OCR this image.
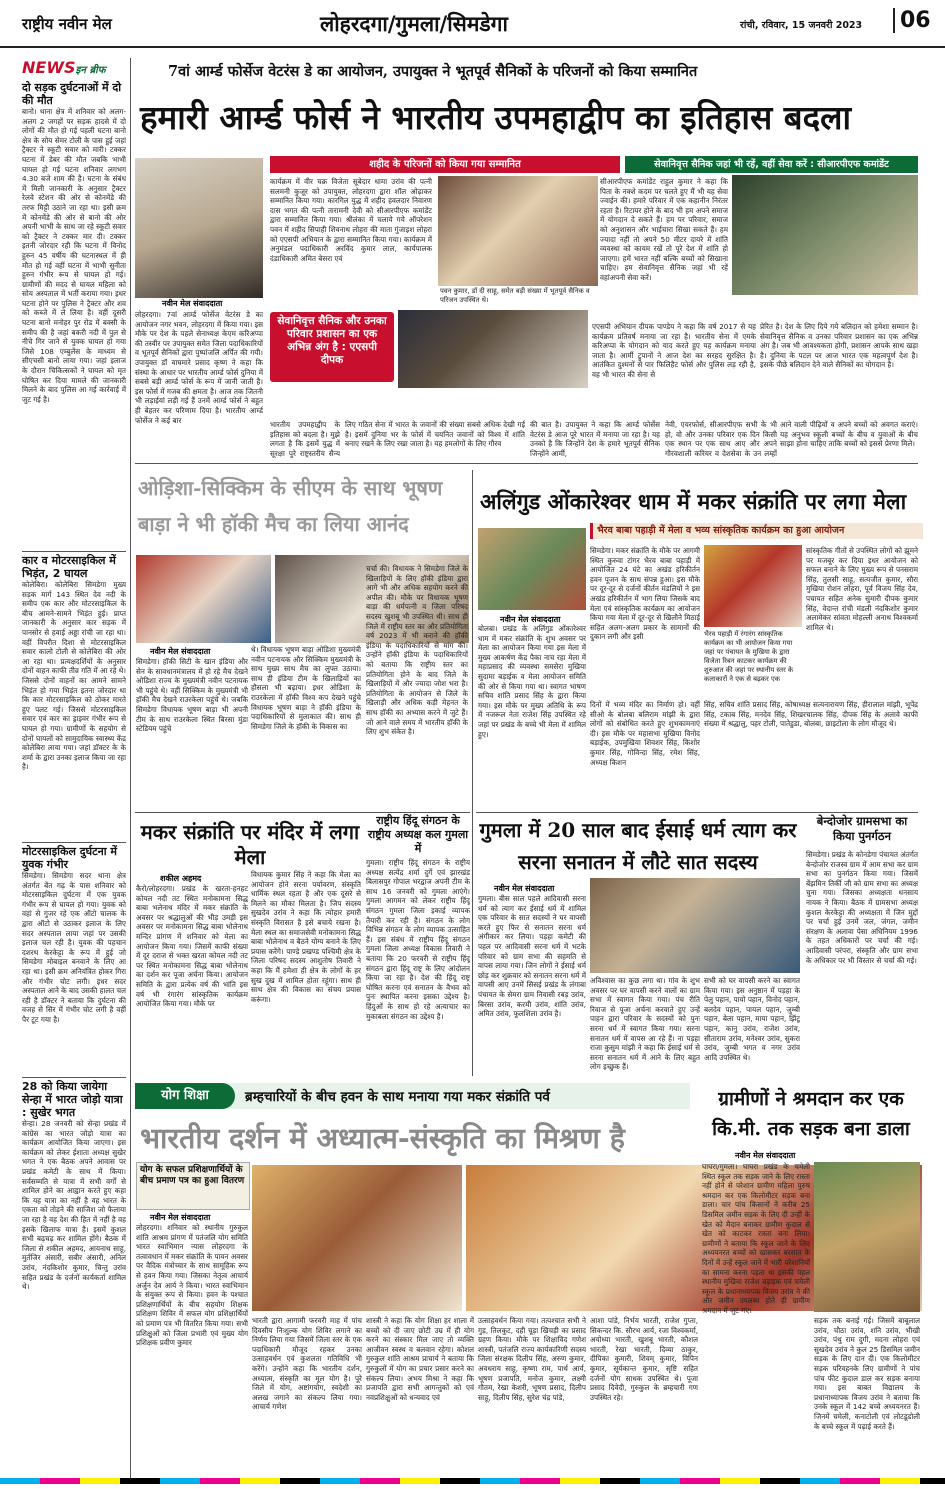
राष्ट्रीय नवीन मेल	लोहरदगा/गुमला/सिमडेगा	रांची, रविवार, 15 जनवरी 2023	06
NEWSइन ब्रीफ
दो सड़क दुर्घटनाओं में दो की मौत
बानो। थाना क्षेत्र में शनिवार को अलग-अलग 2 जगहों पर सड़क हादसे में दो लोगों की मौत हो गई पहली घटना बानो क्षेत्र के सोय सेमर टोली के पास हुई जहां ट्रैक्टर ने स्कूटी सवार को मारी। टक्कर घटना में डेबर की मौत जबकि भाभी घायल हो गई घटना शनिवार लगभग 4.30 बजे शाम की है। घटना के संबंध में मिली जानकारी के अनुसार ट्रैक्टर रेलवे स्टेशन की ओर से कोनमेंडे की तरफ मिट्टी उठाने जा रहा था। इसी क्रम में कोनमेंडे की ओर से बानो की ओर अपनी भाभी के साथ जा रहे स्कूटी सवार को ट्रैक्टर ने टक्कर मार दी। टक्कर इतनी जोरदार रही कि घटना में विनोद हुरुन 45 वर्षीय की घटनास्थल में ही मौत हो गई वहीं घटना में भाभी सुनीता हुरुन गंभीर रूप से घायल हो गई। ग्रामीणों की मदद से घायल महिला को सोय अस्पताल में भर्ती कराया गया। इधर घटना होने पर पुलिस ने ट्रैक्टर और शव को कब्जे में ले लिया है। वहीं दूसरी घटना बानो मनोहर पुर रोड में बक्सी के समीप की है जहां बकरी नदी में पुल से नीचे गिर जाने से युवक घायल हो गया जिसे 108 एम्बुलेंस के माध्यम से सीएचसी बानो लाया गया। जहां इलाज के दौरान चिकित्सकों ने घायल को मृत घोषित कर दिया मामले की जानकारी मिलने के बाद पुलिस आ गई कार्रवाई में जुट गई है।
कार व मोटरसाइकिल में भिड़ंत, 2 घायल
कोलेबिरा। कोलेबिरा सिमडेगा मुख्य सड़क मार्ग 143 स्थित देव नदी के समीप एक कार और मोटरसाइकिल के बीच आमने-सामने भिड़ंत हुई। प्राप्त जानकारी के अनुसार कार सड़क में पानसोर से हवाई अड्डा रांची जा रहा था। वहीं विपरीत दिशा से मोटरसाइकिल सवार कालो टोली से कोलेबिरा की ओर आ रहा था। प्रत्यक्षदर्शियों के अनुसार दोनों वाहन काफी तीव्र गति में आ रहे थे। जिससे दोनों वाहनों का आमने सामने भिड़ंत हो गया भिड़ंत इतना जोरदार था कि कार मोटरसाइकिल को ठोकर मारते हुए पलट गई। जिससे मोटरसाइकिल सवार एवं कार का ड्राइवर गंभीर रूप से घायल हो गया। ग्रामीणों के सहयोग से दोनों घायलों को सामुदायिक स्वास्थ्य केंद्र कोलेबिरा लाया गया। जहां डॉक्टर के के शर्मा के द्वारा उनका इलाज किया जा रहा है।
मोटरसाइकिल दुर्घटना में युवक गंभीर
सिमडेगा। सिमडेगा सदर थाना क्षेत्र अंतर्गत बेंत गढ़ के पास शनिवार को मोटरसाइकिल दुर्घटना में एक युवक गंभीर रूप से घायल हो गया। युवक को वहां से गुजर रहे एक ऑटो चालक के द्वारा ऑटो से उठाकर इलाज के लिए सदर अस्पताल लाया जहां पर उसकी इलाज चल रही है। युवक की पहचान दशरथ केरकेट्टा के रूप में हुई जो सिमडेगा मोबाइल बनवाने के लिए आ रहा था। इसी क्रम अनियंत्रित होकर गिरा और गंभीर चोट लगी। इधर सदर अस्पताल आने के बाद उसकी हालत चल रही है डॉक्टर ने बताया कि दुर्घटना की वजह से सिर में गंभीर चोट लगी है वहीं पैर टूट गया है।
28 को किया जायेगा सेन्हा में भारत जोड़ो यात्रा : सुखेर भगत
सेन्हा। 28 जनवरी को सेन्हा प्रखंड में कांग्रेस का भारत जोड़ो यात्रा का कार्यक्रम आयोजित किया जाएगा। इस कार्यक्रम को लेकर ईशाता अध्यक्ष सुखेर भगत ने एक बैठक अपने आवास पर प्रखंड कमेटी के साथ में किया। सर्वसम्मति से यात्रा में सभी वर्गों से शामिल होने का आह्वान करते हुए कहा कि यह यात्रा का नहीं है वह भारत के एकता को तोड़ने की साजिश जो फैलाया जा रहा है वह देश की हित में नहीं है वह इसके खिलाफ यात्रा है। इसमें कुशल सभी बढ़चढ़ कर शामिल होंगे। बैठक में जिला से शकील अहमद, आयनाथ साहू, मुर्तजिर अंसारी, सबीर अंसारी, अनिल उरांव, नंदकिशोर कुमार, चिन्तु उरांव सहित प्रखंड के दर्जनों कार्यकर्ता शामिल थे।
7वां आर्म्ड फोर्सेज वेटरंस डे का आयोजन, उपायुक्त ने भूतपूर्व सैनिकों के परिजनों को किया सम्मानित
हमारी आर्म्ड फोर्स ने भारतीय उपमहाद्वीप का इतिहास बदला
शहीद के परिजनों को किया गया सम्मानित	सेवानिवृत्त सैनिक जहां भी रहें, वहीं सेवा करें : सीआरपीएफ कमांडेंट
कार्यक्रम में वीर चक्र विजेता सूबेदार धामा उरांव की पत्नी सलमनी कुजूर को उपायुक्त, लोहरदगा द्वारा शॉल ओढ़ाकर सम्मानित किया गया। कारगिल युद्ध में शहीद हवलदार निवारण दास भगत की पत्नी तारामनी देवी को सीआरपीएफ कमांडेंट द्वारा सम्मानित किया गया। श्रीलंका में चलाये गये ऑपरेशन पवन में शहीद सिपाही शिवनाथ लोहरा की माता गुंजाइश लोहरा को एएसपी अभियान के द्वारा सम्मानित किया गया। कार्यक्रम में अनुमंडल पदाधिकारी अरविंद कुमार लाल, कार्यपालक दंडाधिकारी अमित बेसरा एवं
पवन कुमार, डॉ दी साहू, समेत बड़ी संख्या में भूतपूर्व सैनिक व परिजन उपस्थित थे।
सीआरपीएफ कमांडेंट राहुल कुमार ने कहा कि पिता के नक्शे कदम पर चलते हुए मैं भी यह सेवा ज्वाईन की। हमारे परिवार में एक कहानीन निरंतर रहता है। रिटायर होने के बाद भी हम अपने समाज में योगदान दे सकते हैं। हम पर परिवार, समाज को अनुशासन और भाईचारा सिखा सकते हैं। हम ज्यादा नहीं तो अपने 50 मीटर दायरे में शांति व्यवस्था को कायम रखें तो पूरे देश में शांति हो जाएगा। हमें भारत नहीं बल्कि बच्चों को सिखाना चाहिए। हम सेवानिवृत्त सैनिक जहां भी रहें वहांअपनी सेवा करें।
नवीन मेल संवाददाता
लोहरदगा। 7वां आर्म्ड फोर्सेज वेटरंस डे का आयोजन नगर भवन, लोहरदगा में किया गया। इस मौके पर देश के पहले सेनाध्यक्ष केएम करिअप्पा की तस्वीर पर उपायुक्त समेत जिला पदाधिकारियों व भूतपूर्व सैनिकों द्वारा पुष्पांजलि अर्पित की गयी। उपायुक्त डॉ वाघमारे प्रसाद कृष्ण ने कहा कि संस्था के आधार पर भारतीय आर्म्ड फोर्स दुनिया में सबसे बड़ी आर्म्ड फोर्स के रूप में जानी जाती है। इस फोर्स में गजब की क्षमता है। आज तक जितनी भी लड़ाईयां लड़ी गई हैं उनमें आर्म्ड फोर्स ने बहुत ही बेहतर कर परिणाम दिया है। भारतीय आर्म्ड फोर्सेज ने कई बार
सेवानिवृत्त सैनिक और उनका परिवार प्रशासन का एक अभिन्न अंग है : एएसपी दीपक
एएसपी अभियान दीपक पाण्डेय ने कहा कि वर्ष 2017 से यह कार्यक्रम प्रतिवर्ष मनाया जा रहा है। भारतीय सेना में एमके करिअप्पा के योगदान को याद करते हुए यह कार्यक्रम मनाया जाता है। आर्मी ट्रुपानों ने आज देश का सरहद सुरक्षित है। आतंकित दुश्मनों से पार फिलिहैट फोर्स और पुलिस लड़ रही है, वह भी भारत की सेना से
प्रेरित है। देश के लिए दिये गये बलिदान को हमेशा सम्मान है। सेवानिवृत्त सैनिक व उनका परिवार प्रशासन का एक अभिन्न अंग है। जब भी आवश्यकता होगी, प्रशासन आपके साथ खड़ा है। दुनिया के पटल पर आज भारत एक महत्वपूर्ण देश है। इसके पीछे बलिदान देने वाले सैनिकों का योगदान है।
भारतीय उपमहाद्वीप के इतिहास को बदला है। मुझे लगता है कि इसमें युद्ध में सूरक्षा पुरे राष्ट्रस्तरीय सैन्य
लिए गठित सेना में भारत के जवानों की संख्या सबसे अधिक देखी गई है। इसमें दुनिया भर के फोर्स में चयनित जवानों को विश्व में शांति बनाए रखने के लिए रखा जाता है। यह हमलोगों के लिए गौरव
की बात है। उपायुक्त ने कहा कि आर्म्ड फोर्सेस वेटरंस डे आज पूरे भारत में मनाया जा रहा है। यह उनको है कि जिन्होंने देश के हमारे भूतपूर्व सैनिक जिन्होंने आर्मी,
नेवी, एयरफोर्स, सीआरपीएफ सभी के भी हो, वो और उनका परिवार एक दिन किसी एक स्थान पर एक साथ आए और अपने गौरवशाली करियर व देशसेवा के उन लम्हों
आने वाली पीढ़ियों व अपने बच्चों को अवगत कराएं। यह अनुभव स्कूली बच्चों के बीच व युवाओं के बीच साझा होना चाहिए ताकि बच्चों को इससे प्रेरणा मिले।
ओड़िशा-सिक्किम के सीएम के साथ भूषण बाड़ा ने भी हॉकी मैच का लिया आनंद
नवीन मेल संवाददाता
सिमडेगा। हॉकी सिटी के खान इंडिया और सेन के सावधानमंत्रालय में हो रहे मैच देखने ओडिशा राज्य के मुख्यमंत्री नवीन पटनायक भी पहुंचे थे। वहीं सिक्किम के मुख्यमंत्री भी हॉकी मैच देखने राउरकेला पहुंचे थे। जबकि सिमडेगा विधायक भूषण बाड़ा भी अपनी टीम के साथ राउरकेला स्थित बिरसा मुंडा स्टेडियम पहुंचे
थे। विधायक भूषण बाड़ा ओडिशा मुख्यमंत्री नवीन पटनायक और सिक्किम मुख्यमंत्री के साथ मुख्य साथ मैच का लुफ्त उठाया। साथ ही इंडिया टीम के खिलाड़ियों का हौसला भी बढ़ाया। इधर ओडिशा के राउरकेला में हॉकी विश्व कप देखने पहुंचे विधायक भूषण बाड़ा ने हॉकी इंडिया के पदाधिकारियों से मुलाकात की। साथ ही सिमडेगा जिले के हॉकी के विकास का
चर्चा की। विधायक ने सिमडेगा जिले के खिलाड़ियों के लिए हॉकी इंडिया द्वारा आगे भी और अधिक सहयोग करने की अपील की। मौके पर विधायक भूषण बाड़ा की धर्मपत्नी व जिला परिषद सदस्य खुशबू भी उपस्थित थी। साथ ही जिले में राष्ट्रीय स्तर का और प्रतियोगिता वर्ष 2023 में भी कराने की हॉकी इंडिया के पदाधिकारियों से मांग की। उन्होंने हॉकी इंडिया के पदाधिकारियों को बताया कि राष्ट्रीय स्तर का प्रतियोगिता होने के बाद जिले के खिलाड़ियों में और ज्यादा जोश भरा है। प्रतियोगिता के आयोजन से जिले के खिलाड़ी और अधिक कड़ी मेहनत के साथ हॉकी का अभ्यास करने में जुटे हैं। जो आने वाले समय में भारतीय हॉकी के लिए शुभ संकेत है।
मकर संक्रांति पर मंदिर में लगा मेला
शकील अहमद
कैरो/लोहरदगा। प्रखंड के खरता-हनहट कोयल नदी तट स्थित मनोकामना सिद्ध बाबा भलेनाथ मंदिर में मकर संक्रांति के अवसर पर श्रद्धालुओं की भीड़ उमड़ी इस अवसर पर मनोकामना सिद्ध बाबा भोलेनाथ मन्दिर प्रांगण में शनिवार को मेला का आयोजन किया गया। जिसमें काफी संख्या में दूर दराज से भक्त खरता कोयल नदी तट पर स्थित मनोकामना सिद्ध बाबा भोलेनाथ का दर्शन कर पूजा अर्चना किया। आयोजन समिति के द्वारा प्रत्येक वर्ष की भांति इस वर्ष भी रंगारंग सांस्कृतिक कार्यक्रम आयोजित किया गया। मौके पर
विधायक कुमार सिंह ने कहा कि मेला का आयोजन होने सरना पर्यावरण, संस्कृति धार्मिक स्थल रहता है और एक दूसरे से मिलने का मौका मिलता है। जिप सदस्य सुखदेव उरांव ने कहा कि त्योहार हमारी संस्कृति विरासत है इसे बचाये रखना है। मेला स्थल का समाजसेवी मनोकामना सिद्ध बाबा भोलेनाथ व बैठने योग्य बनाने के लिए प्रयास करेंगे। पाण्डे प्रखण्ड पश्चिमी क्षेत्र के जिला परिषद सदस्य आशुतोष तिवारी ने कहा कि मैं हमेशा ही क्षेत्र के लोगों के हर सुख दुख में शामिल होता रहूंगा। साथ ही साथ क्षेत्र की विकास का संचय प्रयास करूंगा।
राष्ट्रीय हिंदू संगठन के राष्ट्रीय अध्यक्ष कल गुमला में
गुमला। राष्ट्रीय हिंदू संगठन के राष्ट्रीय अध्यक्ष सत्येंद्र शर्मा दुर्गे एवं झारखंड बिलासपुर गोपाल भरद्वाज अपनी टीम के साथ 16 जनवरी को गुमला आएंगे। गुमला आगमन को लेकर राष्ट्रीय हिंदू संगठन गुमला जिला इकाई व्यापक तैयारी कर रही है। संगठन के लोग विभिन्न संगठन के लोग व्यापक उत्साहित हैं। इस संबंध में राष्ट्रीय हिंदू संगठन गुमला जिला अध्यक्ष विकास तिवारी ने बताया कि 20 फरवरी से राष्ट्रीय हिंदू संगठन द्वारा हिंदू राष्ट्र के लिए आंदोलन किया जा रहा है। देश की हिंदू राष्ट्र घोषित करना एवं सनातन के वैभव को पुनः स्थापित करना इसका उद्देश्य है। हिंदुओं के साथ हो रहे अत्याचार का मुकाबला संगठन का उद्देश्य है।
अलिंगुड ओंकारेश्वर धाम में मकर संक्रांति पर लगा मेला
भैरव बाबा पहाड़ी में मेला व भव्य सांस्कृतिक कार्यक्रम का हुआ आयोजन
नवीन मेल संवाददाता
बोलबा। प्रखंड के अलिंगुड ओंकारेश्वर धाम में मकर संक्रांति के शुभ अवसर पर मेला का आयोजन किया गया इस मेला में मुख्य आकर्षण केंद्र पैका नाच रहा मेला में महाप्रसाद की व्यवस्था समसेरा मुखिया सुदामा बड़ाईक व मेला आयोजन समिति की ओर से किया गया था। स्वागत भाषण सचिव शांति प्रसाद सिंह के द्वारा किया गया। इस मौके पर मुख्य अतिथि के रूप में नजरूल नेता राजेश सिंह उपस्थित रहे जहां पर प्रखंड के बच्चे भी मेला में शामिल हुए।
सिमडेगा। मकर संक्रांति के मौके पर आगमी स्थित कुरुवा टांगर भैरव बाबा पहाड़ी में आयोजित 24 घंटे का अखंड हरिकीर्तन हवन पूजन के साथ संपन्न हुआ। इस मौके पर दूर-दूर से दर्जनों कीर्तन मंडलियों ने इस अखंड हरिकीर्तन में भाग लिया जिसके बाद मेला एवं सांस्कृतिक कार्यक्रम का आयोजन किया गया मेला में दूर-दूर से खिलौने मिठाई सहित अलग-अलग प्रकार के सामानों की दुकान लगी और इसी	भैरव पहाड़ी में रंगारंग सांस्कृतिक कार्यक्रम का भी आयोजन किया गया जहां पर पंचायत के मुखिया के द्वारा विजेता रिबन काटकर कार्यक्रम की शुरुआत की जहां पर स्थानीय स्तर के कलाकारों ने एक से बढ़कर एक
सांस्कृतिक गीतों से उपस्थित लोगों को झूमने पर मजबूर कर दिया इधर आयोजन को सफल बनाने के लिए मुख्य रूप से पनसराम सिंह, तुलसी साहू, सत्यजीत कुमार, सौरा मुखिया रोशन लोहरा, पूर्व विजय सिंह देव, पचायत सहित अनेक सुमारी दीपक कुमार सिंह, वेदान्त रांची मंडली नंदकिशोर कुमार अलामेकर सांवता मोहल्ली अनाथ विश्वकर्मा शामिल थे।
दिनों में भव्य मंदिर का निर्माण हो। वहीं सीओ के बोलबा बलिराम मांझी के द्वारा लोगों को संबोधित करते हुए शुभकामनाएं दी। इस मौके पर महासभा मुखिया विनोद बड़ाईक, उपमुखिया शिवशर सिंह, किशोर कुमार सिंह, गोविन्दा सिंह, रमेश सिंह, अध्यक्ष किशन
सिंह, सचिव शांति प्रसाद सिंह, कोषाध्यक्ष सत्यनारायण सिंह, हीरालाल मांझी, भूपेंद्र सिंह, टकाब सिंह, मनदेव सिंह, शिखरचालक सिंह, दीपक सिंह के अलावे काफी संख्या में श्रद्धालु, पहर टोली, पातेडुडा, बोलबा, छाइटोला के लोग मौजूद थे।
गुमला में 20 साल बाद ईसाई धर्म त्याग कर सरना सनातन में लौटे सात सदस्य
नवीन मेल संवाददाता
गुमला। बीस साल पहले आदिवासी सरना धर्म को त्याग कर ईसाई धर्म में शामिल एक परिवार के सात सदस्यों ने घर वापसी करते हुए फिर से सनातन सरना धर्म अंगीकार कर लिया। पड़हा कमेटी की पहल पर आदिवासी सरना धर्म में भटके परिवार को ग्राम सभा की सहमति से वापस लाया गया। जिन लोगों ने ईसाई धर्म छोड़ कर शुक्रवार को सनातन सरना धर्म में वापसी आए उनमें सिसई प्रखंड के लंगाबा पंचायत के सेमरा ग्राम निवासी रबड़ उरांव, बिरसा उरांव, करमी उरांव, शांति उरांव, अमित उरांव, फूलशिला उरांव है।
अविश्वास का कुछ लगा था। गांव के शुभ अवसर पर घर वापसी करने वालों का ग्राम सभा में स्वागत किया गया। पंच रीति रिवाज से पूजा अर्चना करवाते हुए उन्हें पाहन द्वारा परिवार के सदस्यों को पुनः सरना धर्म में स्वागत किया गया। सरना सनातन धर्म में वापस आ रहे हैं। ना पड़हा राजा कुसुम मांझी ने कहा कि ईसाई धर्म से सरना सनातन धर्म में आने के लिए बहुत लोग इच्छुक हैं।
सभी को घर वापसी करने का स्वागत किया गया। इस अनुष्ठान में पड़हा के पेलु पहान, पायो पहान, विनोद पहान, बलदेव पहान, पायल पहान, जुम्बी पहान, बेला पहान, माया पहान, झिंटू पहान, कानु उरांव, राजेश उरांव, सीताराम उरांव, मनेश्वर उरांव, सुकरा उरांव, जुम्बी भगत व नगर उरांव आदि उपस्थित थे।
बेन्दोजोर ग्रामसभा का किया पुनर्गठन
सिमडेगा। प्रखंड के कोनडेगा पंचायत अंतर्गत बेन्दोजोर राजस्व ग्राम में आम सभा कर ग्राम सभा का पुनर्गठन किया गया। जिसमें बेंझमिन तिर्की जी को ग्राम सभा का अध्यक्ष चुना गया। जिसका अध्यक्षता धनसाय नायक ने किया। बैठक में ग्रामसभा अध्यक्ष कुशल केरकेट्टा की अध्यक्षता में जिन मुद्दों पर चर्चा हुई उनमें जल, जंगल, जमीन संरक्षण के अलावा पेसा अधिनियम 1996 के तहत अधिकारों पर चर्चा की गई। आदिवासी परंपरा, संस्कृति और ग्राम सभा के अधिकार पर भी विस्तार से चर्चा की गई।
योग शिक्षा	ब्रम्हचारियों के बीच हवन के साथ मनाया गया मकर संक्रांति पर्व
भारतीय दर्शन में अध्यात्म-संस्कृति का मिश्रण है
योग के सफल प्रशिक्षणार्थियों के बीच प्रमाण पत्र का हुआ वितरण
नवीन मेल संवाददाता
लोहरदगा। शनिवार को स्थानीय गुरुकुल शांति आश्रम प्रांगण में पतंजलि योग समिति भारत स्वाभिमान न्यास लोहरदगा के तत्वावधान में मकर संक्रांति के पावन अवसर पर वैदिक मंत्रोच्चार के साथ सामूहिक रूप से हवन किया गया। जिसका नेतृत्व आचार्य अर्जुन देव आर्य ने किया। भारत स्वाभिमान के संयुक्त रूप से किया। हवन के पश्चात प्रशिक्षणार्थियों के बीच सहयोग शिक्षक प्रशिक्षण शिविर में सफल योग प्रशिक्षार्थियों को प्रमाण पत्र भी वितरित किया गया। सभी प्रशिक्षुओं को जिला प्रभारी एवं मुख्य योग प्रशिक्षक प्रवीण कुमार
भारती द्वारा आगामी फरवरी माह में पांच दिवसीय निःशुल्क योग शिविर लगाने का निर्णय लिया गया जिसमें जिला स्तर के एक पदाधिकारी मौजूद रहकर उनका उत्साहवर्धन एवं कुशलता गतिविधि भी करेंगे। उन्होंने कहा कि भारतीय दर्शन, अध्यात्म, संस्कृति का मूल योग है। पूरे जिले में योग, अष्टांगयोग, स्वदेशी का अलख जगाने का संकल्प लिया गया। आचार्य गणेश
शास्त्री ने कहा कि योग शिक्षा हर शाला में बच्चों को दी जाए छोटी उम्र में ही योग करने का संस्कार मिल जाए तो व्यक्ति आजीवन स्वस्थ व बलवान रहेगा। कोशल गुरुकुल शांति आश्रम प्राचार्य ने बताया कि गुरुकुलों में योग का प्रचार प्रसार करने का संकल्प लिया। अभय मिश्रा ने कहा कि प्रजापति द्वारा सभी आगन्तुकों को एवं नवप्रशिक्षुओं को धन्यवाद एवं
उत्साहवर्धन किया गया। तत्पश्चात सभी ने गुड़, तिलकुट, दही चूड़ा खिचड़ी का प्रसाद ग्रहण किया। मौके पर शिक्षाविद गणेश शास्त्री, पतंजलि राज्य कार्यकारिणी सदस्य जिला संरक्षक दिलीप सिंह, अरुण कुमार, अवधराय साहू, कृष्णा राम, पार्थ आर्य, भूषण प्रजापति, मनोज कुमार, लक्ष्मी गौतम, रेखा केशरी, भूषण प्रसाद, दिलीप साहू, दिलीप सिंह, सुरेश चंद्र पांडे,
आशा पांडे, निर्भय भारती, राजेश गुप्ता, सिकन्दर कि. सौरभ आर्य, रजा विश्वकर्मा, अयोध्या भारती, खुशबू भारती, कौशल भारती, रेखा भारती, दिव्या ठाकुर, दीपिका कुमारी, शिवम् कुमार, विपिन कुमार, सूर्यकान्त कुमार, सृष्टि सहित दर्जनों योग साधक उपस्थित थे। पूजा प्रसाद दिवेदी, गुरुकुल के ब्रम्हचारी गण उपस्थित रहे।
ग्रामीणों ने श्रमदान कर एक कि.मी. तक सड़क बना डाला
नवीन मेल संवाददाता
घाघरा/गुमला। घाघरा प्रखंड के चमेली स्थित स्कूल तक सड़क जाने के लिए रास्ता नहीं होने से परेशान ग्रामीण महिला पुरुष श्रमदान कर एक किलोमीटर सड़क बना डाला। चार पांच किसानों ने करीब 25 डिसमिल जमीन सड़क के लिए दी उन्हीं के खेत को मैदान बनाकर ग्रामीण कुदाल से खेत को काटकर रास्ता बना लिया। ग्रामीणों ने बताया कि स्कूल जाने के लिए अध्ययनरत बच्चों को खासकर बरसात के दिनों में उन्हें स्कूल जाने में भारी परेशानियों का सामना करना पड़ता था इसकी पहल स्थानीय मुखिया राजेश बड़ाइक एवं चमेली स्कूल के प्रधानाध्यापक विजय उरांव ने की और जमीन उपलब्ध होते ही ग्रामीण श्रमदान में जुट गए।
सड़क तक बनाई गई। जिसमें बाबूलाल उरांव, चौठा उरांव, शनि उरांव, भीखी उरांव, पंथु राम दुगी, मदना लोहरा एवं सुखदेव उरांव ने कुल 25 डिसमिल जमीन सड़क के लिए दान दी। एक किलोमीटर सड़क परिवहनके लिए ग्रामीणों ने पांच पांच फीट कुदाल डाल कर सड़क बनाया गया। इस बाबत विद्यालय के प्रधानाध्यापक विजय उरांव ने बताया कि उनके स्कूल में 142 बच्चे अध्ययनरत हैं। जिनमें चमेली, कनाटोली एवं लोटडूडोली के बच्चे स्कूल में पढ़ाई करते हैं।
